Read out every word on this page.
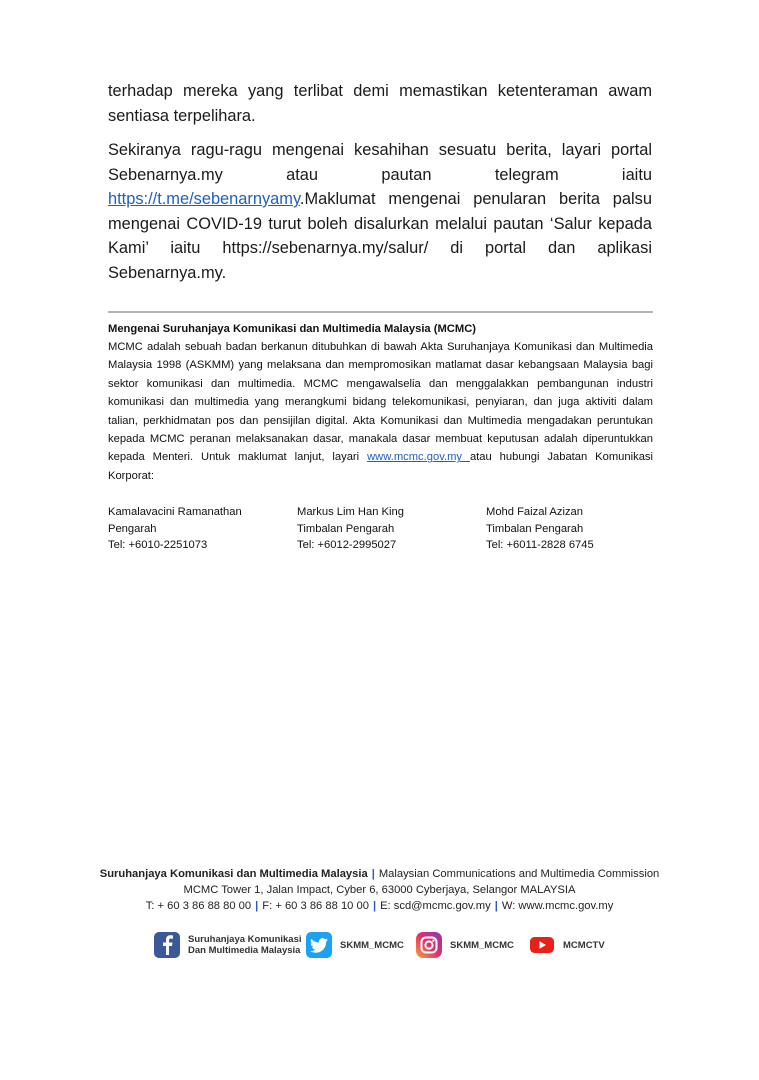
terhadap mereka yang terlibat demi memastikan ketenteraman awam sentiasa terpelihara.

Sekiranya ragu-ragu mengenai kesahihan sesuatu berita, layari portal Sebenarnya.my atau pautan telegram iaitu https://t.me/sebenarnyamy.Maklumat mengenai penularan berita palsu mengenai COVID-19 turut boleh disalurkan melalui pautan ‘Salur kepada Kami’ iaitu https://sebenarnya.my/salur/ di portal dan aplikasi Sebenarnya.my.

Mengenai Suruhanjaya Komunikasi dan Multimedia Malaysia (MCMC)

MCMC adalah sebuah badan berkanun ditubuhkan di bawah Akta Suruhanjaya Komunikasi dan Multimedia Malaysia 1998 (ASKMM) yang melaksana dan mempromosikan matlamat dasar kebangsaan Malaysia bagi sektor komunikasi dan multimedia. MCMC mengawalselia dan menggalakkan pembangunan industri komunikasi dan multimedia yang merangkumi bidang telekomunikasi, penyiaran, dan juga aktiviti dalam talian, perkhidmatan pos dan pensijilan digital. Akta Komunikasi dan Multimedia mengadakan peruntukan kepada MCMC peranan melaksanakan dasar, manakala dasar membuat keputusan adalah diperuntukkan kepada Menteri. Untuk maklumat lanjut, layari www.mcmc.gov.my atau hubungi Jabatan Komunikasi Korporat:

Kamalavacini Ramanathan
Pengarah
Tel: +6010-2251073
Markus Lim Han King
Timbalan Pengarah
Tel: +6012-2995027
Mohd Faizal Azizan
Timbalan Pengarah
Tel: +6011-2828 6745
Suruhanjaya Komunikasi dan Multimedia Malaysia | Malaysian Communications and Multimedia Commission
MCMC Tower 1, Jalan Impact, Cyber 6, 63000 Cyberjaya, Selangor MALAYSIA
T: + 60 3 86 88 80 00 | F: + 60 3 86 88 10 00 | E: scd@mcmc.gov.my | W: www.mcmc.gov.my
Suruhanjaya Komunikasi
Dan Multimedia Malaysia	SKMM_MCMC	SKMM_MCMC	MCMCTV
